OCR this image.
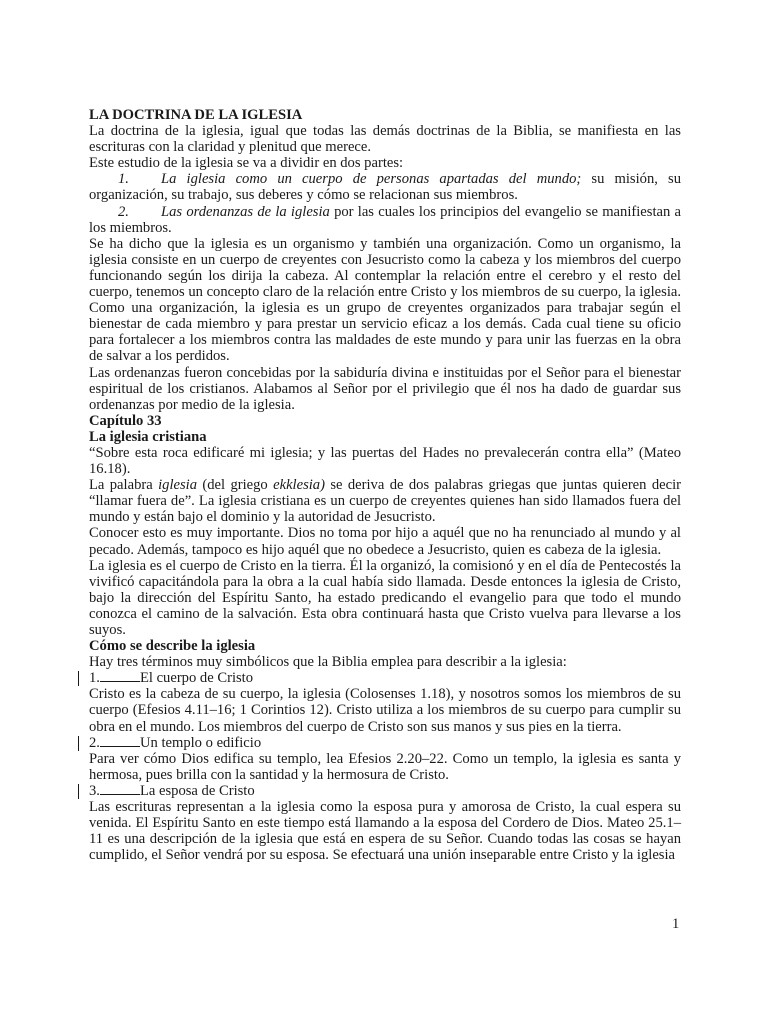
LA DOCTRINA DE LA IGLESIA

La doctrina de la iglesia, igual que todas las demás doctrinas de la Biblia, se manifiesta en las escrituras con la claridad y plenitud que merece.

Este estudio de la iglesia se va a dividir en dos partes:

1. La iglesia como un cuerpo de personas apartadas del mundo; su misión, su organización, su trabajo, sus deberes y cómo se relacionan sus miembros.

2. Las ordenanzas de la iglesia por las cuales los principios del evangelio se manifiestan a los miembros.

Se ha dicho que la iglesia es un organismo y también una organización. Como un organismo, la iglesia consiste en un cuerpo de creyentes con Jesucristo como la cabeza y los miembros del cuerpo funcionando según los dirija la cabeza. Al contemplar la relación entre el cerebro y el resto del cuerpo, tenemos un concepto claro de la relación entre Cristo y los miembros de su cuerpo, la iglesia. Como una organización, la iglesia es un grupo de creyentes organizados para trabajar según el bienestar de cada miembro y para prestar un servicio eficaz a los demás. Cada cual tiene su oficio para fortalecer a los miembros contra las maldades de este mundo y para unir las fuerzas en la obra de salvar a los perdidos.

Las ordenanzas fueron concebidas por la sabiduría divina e instituidas por el Señor para el bienestar espiritual de los cristianos. Alabamos al Señor por el privilegio que él nos ha dado de guardar sus ordenanzas por medio de la iglesia.

Capítulo 33
La iglesia cristiana

“Sobre esta roca edificaré mi iglesia; y las puertas del Hades no prevalecerán contra ella” (Mateo 16.18).

La palabra iglesia (del griego ekklesia) se deriva de dos palabras griegas que juntas quieren decir “llamar fuera de”. La iglesia cristiana es un cuerpo de creyentes quienes han sido llamados fuera del mundo y están bajo el dominio y la autoridad de Jesucristo.

Conocer esto es muy importante. Dios no toma por hijo a aquél que no ha renunciado al mundo y al pecado. Además, tampoco es hijo aquél que no obedece a Jesucristo, quien es cabeza de la iglesia.

La iglesia es el cuerpo de Cristo en la tierra. Él la organizó, la comisionó y en el día de Pentecostés la vivificó capacitándola para la obra a la cual había sido llamada. Desde entonces la iglesia de Cristo, bajo la dirección del Espíritu Santo, ha estado predicando el evangelio para que todo el mundo conozca el camino de la salvación. Esta obra continuará hasta que Cristo vuelva para llevarse a los suyos.

Cómo se describe la iglesia

Hay tres términos muy simbólicos que la Biblia emplea para describir a la iglesia:

1.	El cuerpo de Cristo

Cristo es la cabeza de su cuerpo, la iglesia (Colosenses 1.18), y nosotros somos los miembros de su cuerpo (Efesios 4.11–16; 1 Corintios 12). Cristo utiliza a los miembros de su cuerpo para cumplir su obra en el mundo. Los miembros del cuerpo de Cristo son sus manos y sus pies en la tierra.

2.	Un templo o edificio

Para ver cómo Dios edifica su templo, lea Efesios 2.20–22. Como un templo, la iglesia es santa y hermosa, pues brilla con la santidad y la hermosura de Cristo.

3.	La esposa de Cristo

Las escrituras representan a la iglesia como la esposa pura y amorosa de Cristo, la cual espera su venida. El Espíritu Santo en este tiempo está llamando a la esposa del Cordero de Dios. Mateo 25.1–11 es una descripción de la iglesia que está en espera de su Señor. Cuando todas las cosas se hayan cumplido, el Señor vendrá por su esposa. Se efectuará una unión inseparable entre Cristo y la iglesia

1
